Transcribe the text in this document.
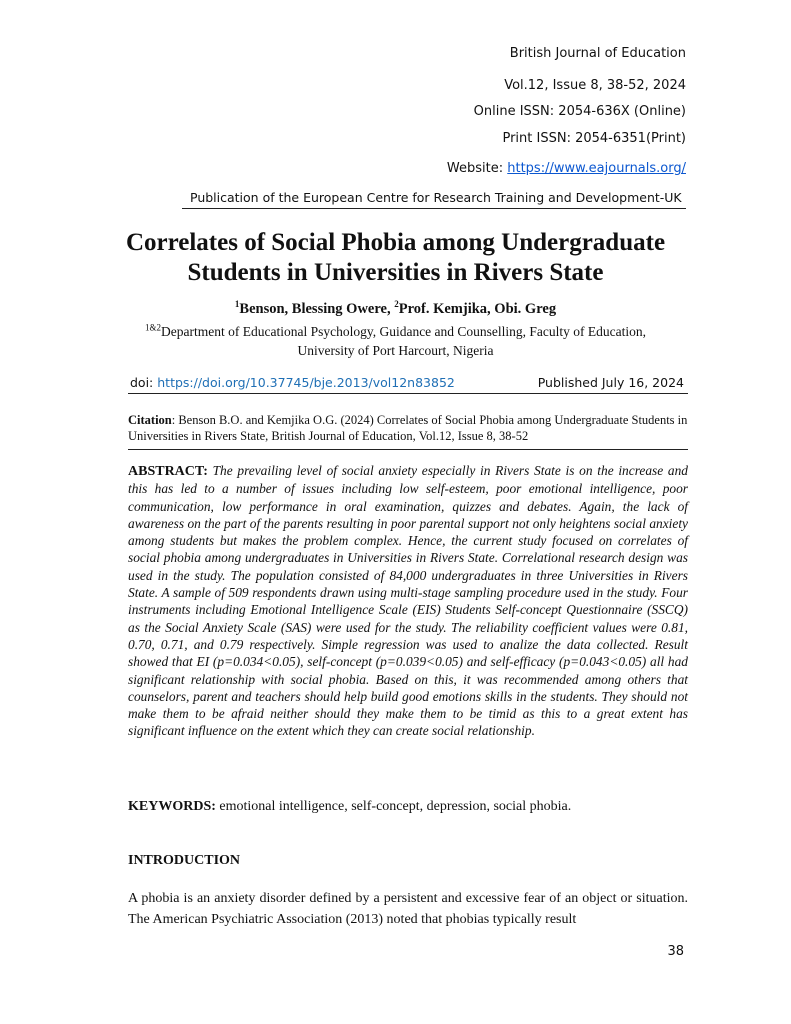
British Journal of Education
Vol.12, Issue 8, 38-52, 2024
Online ISSN: 2054-636X (Online)
Print ISSN: 2054-6351(Print)
Website: https://www.eajournals.org/
Publication of the European Centre for Research Training and Development-UK
Correlates of Social Phobia among Undergraduate
Students in Universities in Rivers State
$^1$Benson, Blessing Owere, $^2$Prof. Kemjika, Obi. Greg
$^{1\&2}$Department of Educational Psychology, Guidance and Counselling, Faculty of Education,
University of Port Harcourt, Nigeria
doi: https://doi.org/10.37745/bje.2013/vol12n83852	Published July 16, 2024
Citation: Benson B.O. and Kemjika O.G. (2024) Correlates of Social Phobia among Undergraduate Students in Universities in Rivers State, British Journal of Education, Vol.12, Issue 8, 38-52
ABSTRACT: The prevailing level of social anxiety especially in Rivers State is on the increase and this has led to a number of issues including low self-esteem, poor emotional intelligence, poor communication, low performance in oral examination, quizzes and debates. Again, the lack of awareness on the part of the parents resulting in poor parental support not only heightens social anxiety among students but makes the problem complex. Hence, the current study focused on correlates of social phobia among undergraduates in Universities in Rivers State. Correlational research design was used in the study. The population consisted of 84,000 undergraduates in three Universities in Rivers State. A sample of 509 respondents drawn using multi-stage sampling procedure used in the study. Four instruments including Emotional Intelligence Scale (EIS) Students Self-concept Questionnaire (SSCQ) as the Social Anxiety Scale (SAS) were used for the study. The reliability coefficient values were 0.81, 0.70, 0.71, and 0.79 respectively. Simple regression was used to analize the data collected. Result showed that EI (p=0.034<0.05), self-concept (p=0.039<0.05) and self-efficacy (p=0.043<0.05) all had significant relationship with social phobia. Based on this, it was recommended among others that counselors, parent and teachers should help build good emotions skills in the students. They should not make them to be afraid neither should they make them to be timid as this to a great extent has significant influence on the extent which they can create social relationship.
KEYWORDS: emotional intelligence, self-concept, depression, social phobia.
INTRODUCTION
A phobia is an anxiety disorder defined by a persistent and excessive fear of an object or situation. The American Psychiatric Association (2013) noted that phobias typically result
38
